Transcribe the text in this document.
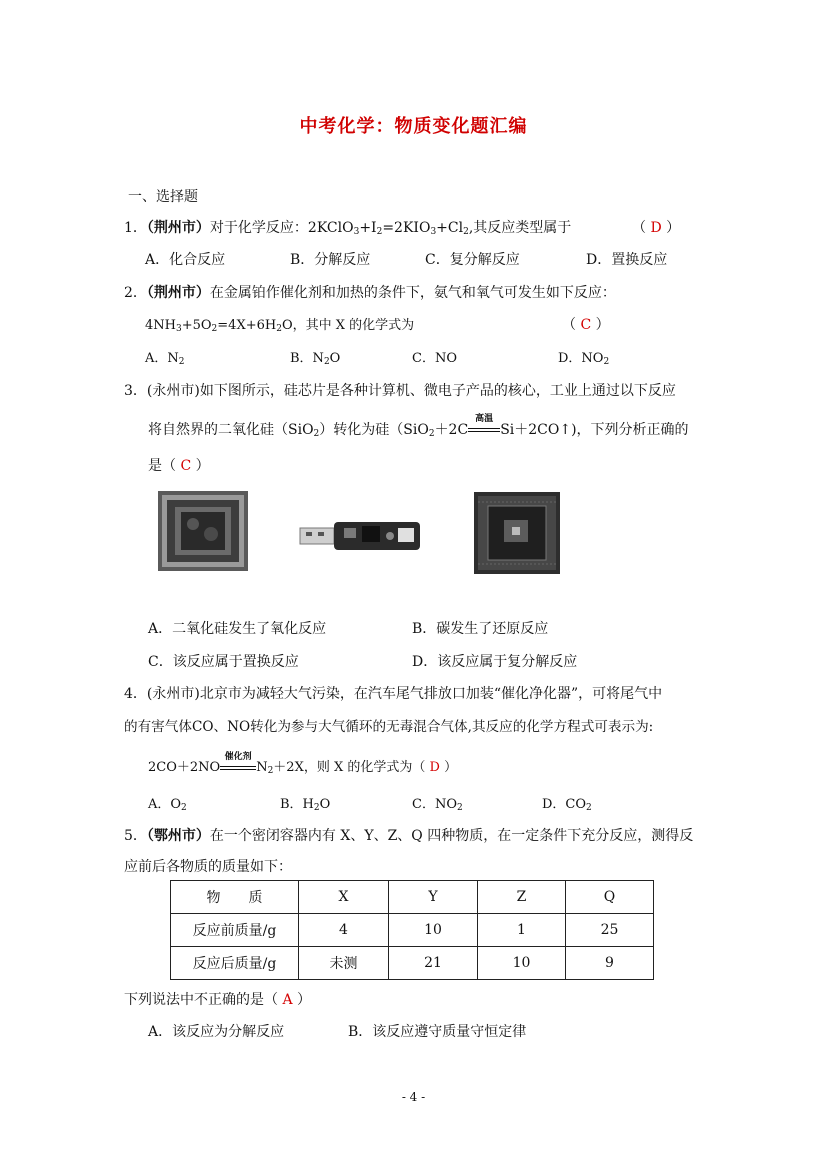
中考化学：物质变化题汇编
一、选择题
1．（荆州市）对于化学反应：$2KClO_3+I_2=2KIO_3+Cl_2$,其反应类型属于	（ D ）
A．化合反应	B．分解反应	C．复分解反应	D．置换反应
2．（荆州市）在金属铂作催化剂和加热的条件下，氨气和氧气可发生如下反应：
$4NH_3+5O_2=4X+6H_2O$，其中 X 的化学式为	（ C ）
A．$N_2$	B．$N_2O$	C．NO	D．$NO_2$
3．(永州市)如下图所示，硅芯片是各种计算机、微电子产品的核心，工业上通过以下反应
将自然界的二氧化硅（SiO$_2$）转化为硅（SiO$_2$＋2C
高温
Si＋2CO↑)，下列分析正确的
是（ C ）
A．二氧化硅发生了氧化反应	B．碳发生了还原反应
C．该反应属于置换反应	D．该反应属于复分解反应
4．(永州市)北京市为减轻大气污染，在汽车尾气排放口加装“催化净化器”，可将尾气中
的有害气体CO、NO转化为参与大气循环的无毒混合气体,其反应的化学方程式可表示为:
2CO＋2NO
催化剂
$N_2+2X$，则 X 的化学式为（ D ）
A．$O_2$	B．$H_2O$	C．$NO_2$	D．$CO_2$
5．（鄂州市）在一个密闭容器内有 X、Y、Z、Q 四种物质，在一定条件下充分反应，测得反
应前后各物质的质量如下：
物　　质	X	Y	Z	Q
反应前质量/g	4	10	1	25
反应后质量/g	未测	21	10	9
下列说法中不正确的是（ A ）
A．该反应为分解反应	B．该反应遵守质量守恒定律
- 4 -
